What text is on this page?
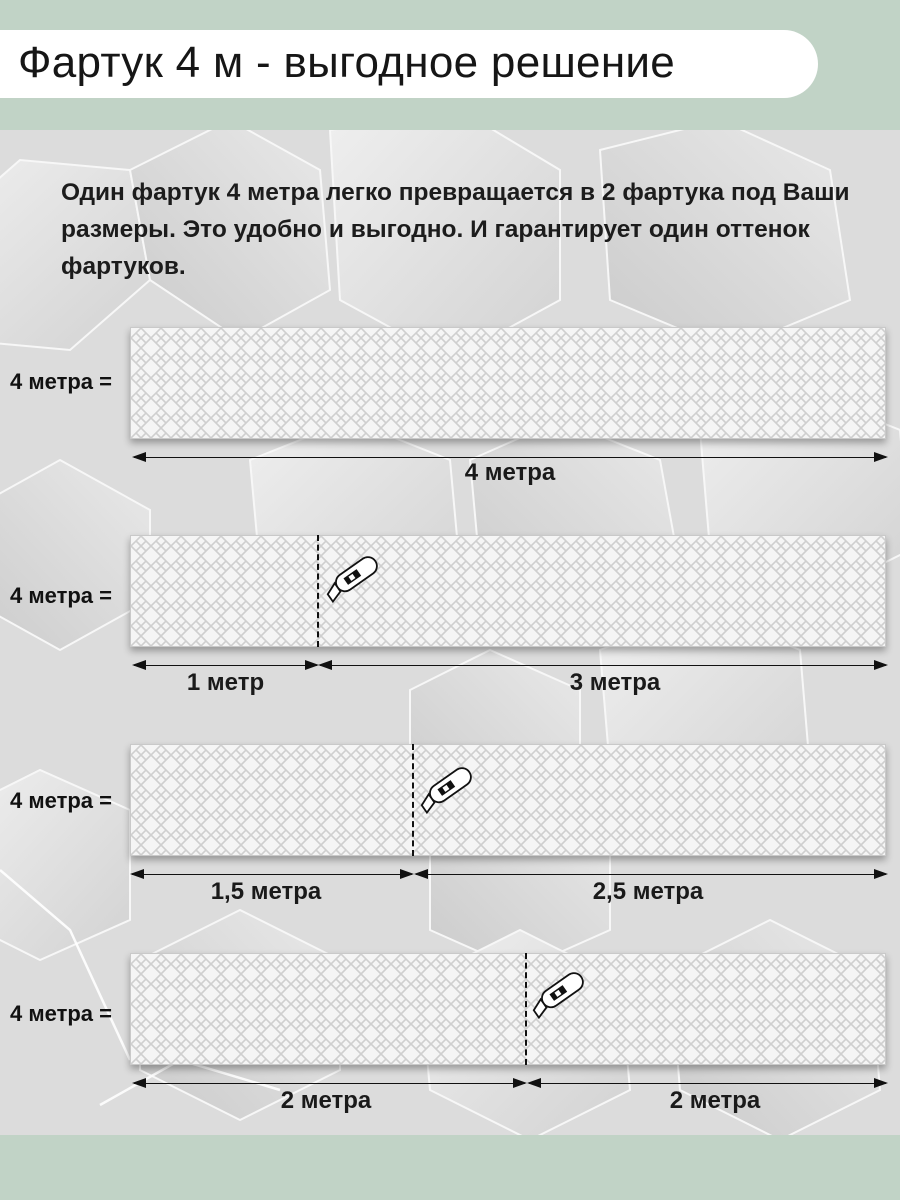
Фартук 4 м - выгодное решение

Один фартук 4 метра легко превращается в 2 фартука под Ваши размеры. Это удобно и выгодно. И гарантирует один оттенок фартуков.

4 метра =
4 метра
4 метра =
1 метр	3 метра
4 метра =
1,5 метра	2,5 метра
4 метра =
2 метра	2 метра
